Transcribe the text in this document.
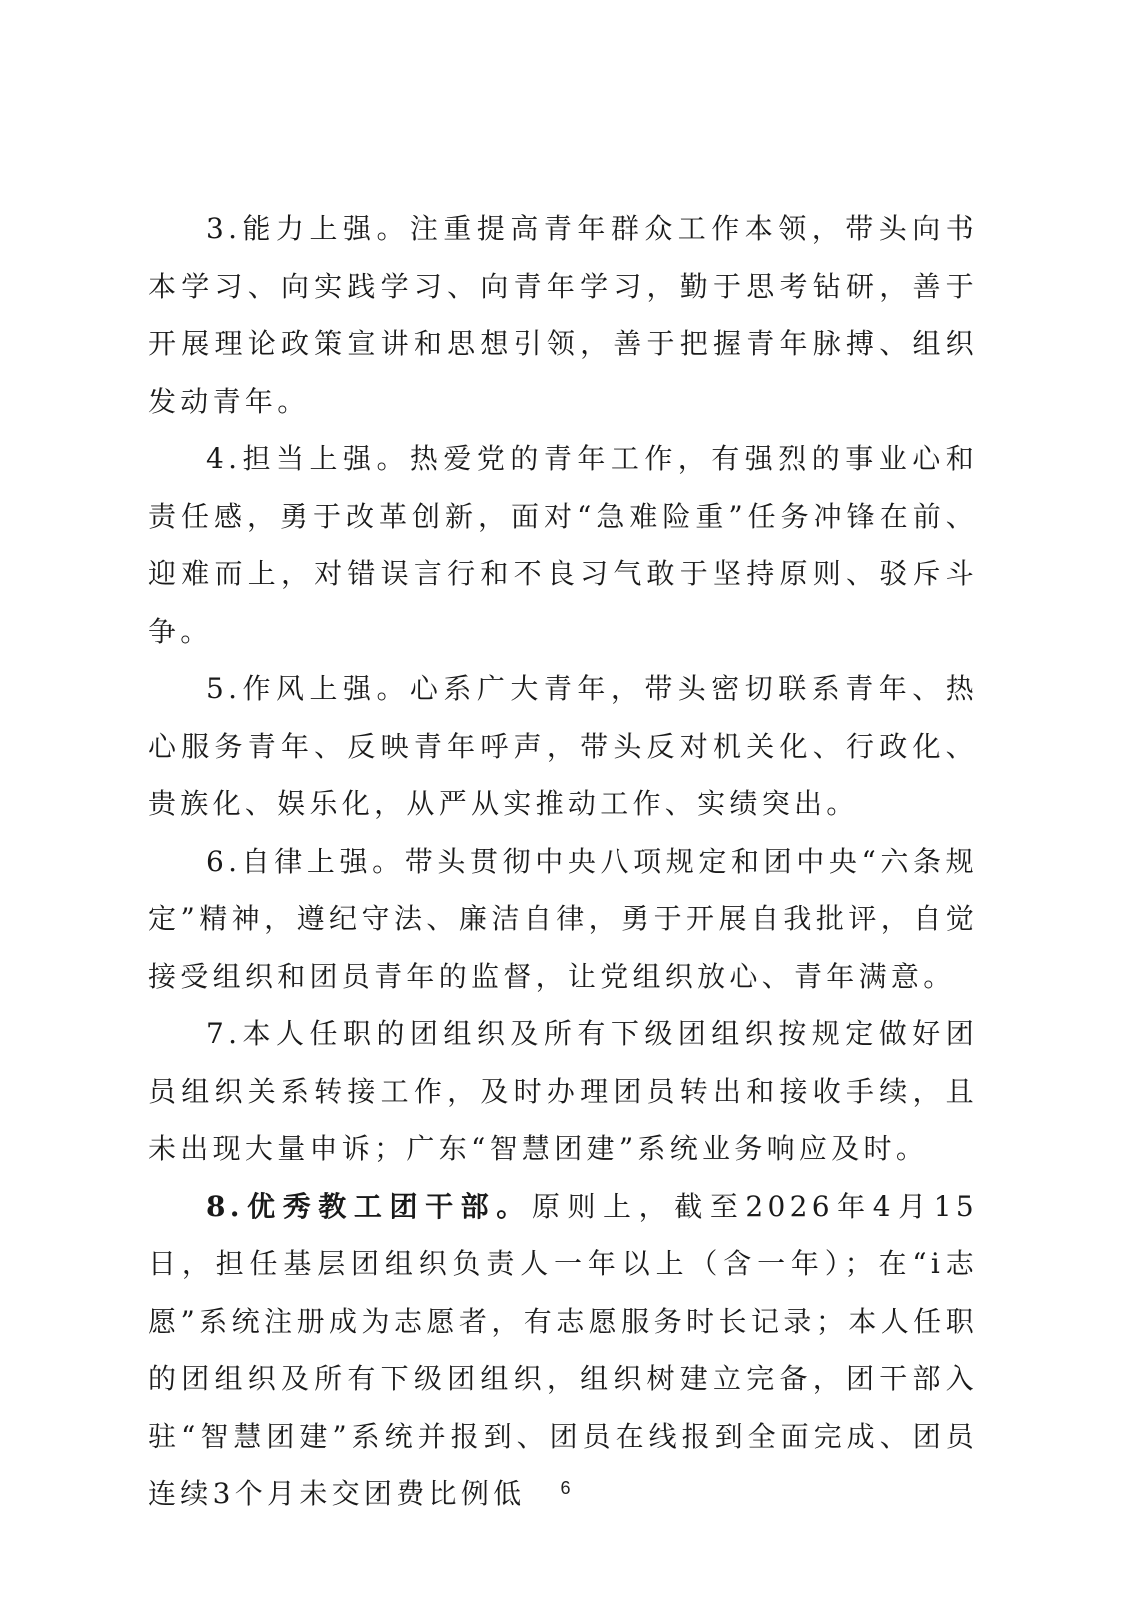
3.能力上强。注重提高青年群众工作本领，带头向书本学习、向实践学习、向青年学习，勤于思考钻研，善于开展理论政策宣讲和思想引领，善于把握青年脉搏、组织发动青年。

4.担当上强。热爱党的青年工作，有强烈的事业心和责任感，勇于改革创新，面对“急难险重”任务冲锋在前、迎难而上，对错误言行和不良习气敢于坚持原则、驳斥斗争。

5.作风上强。心系广大青年，带头密切联系青年、热心服务青年、反映青年呼声，带头反对机关化、行政化、贵族化、娱乐化，从严从实推动工作、实绩突出。

6.自律上强。带头贯彻中央八项规定和团中央“六条规定”精神，遵纪守法、廉洁自律，勇于开展自我批评，自觉接受组织和团员青年的监督，让党组织放心、青年满意。

7.本人任职的团组织及所有下级团组织按规定做好团员组织关系转接工作，及时办理团员转出和接收手续，且未出现大量申诉；广东“智慧团建”系统业务响应及时。

8.优秀教工团干部。原则上，截至2026年4月15日，担任基层团组织负责人一年以上（含一年）；在“i志愿”系统注册成为志愿者，有志愿服务时长记录；本人任职的团组织及所有下级团组织，组织树建立完备，团干部入驻“智慧团建”系统并报到、团员在线报到全面完成、团员连续3个月未交团费比例低	6
